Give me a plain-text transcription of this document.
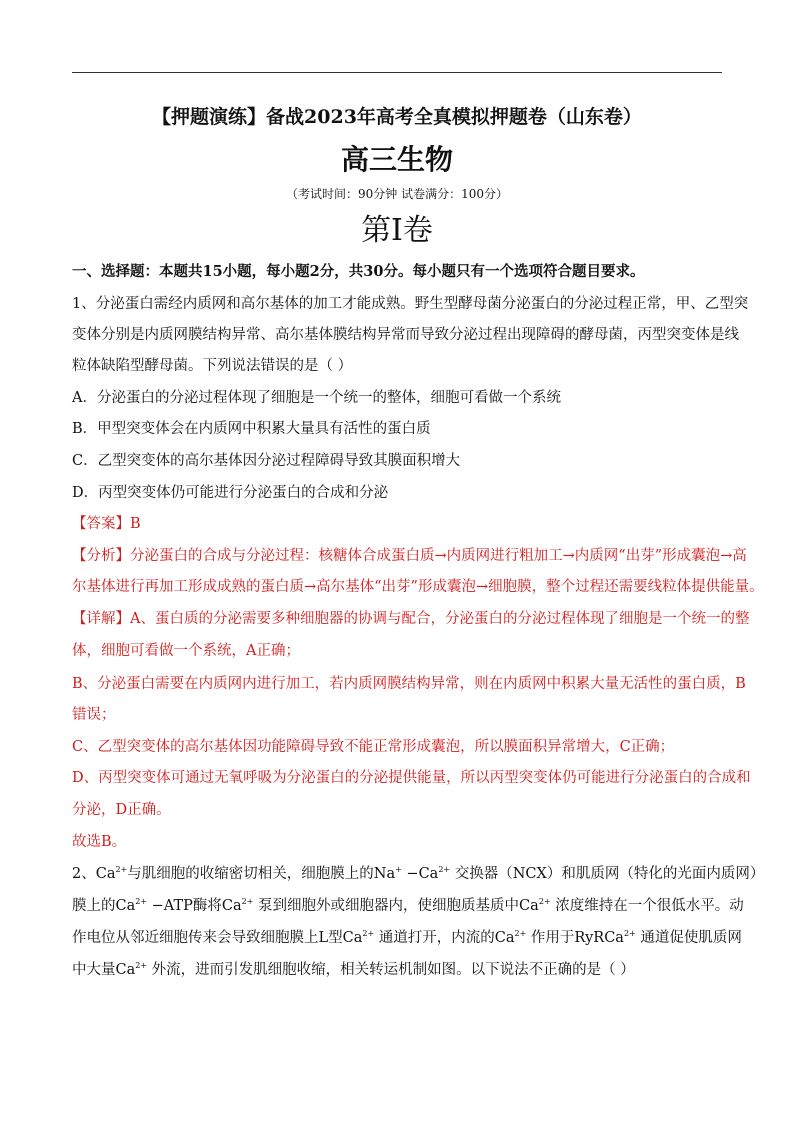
【押题演练】备战2023年高考全真模拟押题卷（山东卷）
高三生物
（考试时间：90分钟 试卷满分：100分）
第I卷
一、选择题：本题共15小题，每小题2分，共30分。每小题只有一个选项符合题目要求。
1、分泌蛋白需经内质网和高尔基体的加工才能成熟。野生型酵母菌分泌蛋白的分泌过程正常，甲、乙型突
变体分别是内质网膜结构异常、高尔基体膜结构异常而导致分泌过程出现障碍的酵母菌，丙型突变体是线
粒体缺陷型酵母菌。下列说法错误的是（ ）
A．分泌蛋白的分泌过程体现了细胞是一个统一的整体，细胞可看做一个系统
B．甲型突变体会在内质网中积累大量具有活性的蛋白质
C．乙型突变体的高尔基体因分泌过程障碍导致其膜面积增大
D．丙型突变体仍可能进行分泌蛋白的合成和分泌
【答案】B
【分析】分泌蛋白的合成与分泌过程：核糖体合成蛋白质→内质网进行粗加工→内质网“出芽”形成囊泡→高
尔基体进行再加工形成成熟的蛋白质→高尔基体“出芽”形成囊泡→细胞膜，整个过程还需要线粒体提供能量。
【详解】A、蛋白质的分泌需要多种细胞器的协调与配合，分泌蛋白的分泌过程体现了细胞是一个统一的整
体，细胞可看做一个系统，A正确；
B、分泌蛋白需要在内质网内进行加工，若内质网膜结构异常，则在内质网中积累大量无活性的蛋白质，B
错误；
C、乙型突变体的高尔基体因功能障碍导致不能正常形成囊泡，所以膜面积异常增大，C正确；
D、丙型突变体可通过无氧呼吸为分泌蛋白的分泌提供能量，所以丙型突变体仍可能进行分泌蛋白的合成和
分泌，D正确。
故选B。
2、$Ca^{2+}$与肌细胞的收缩密切相关，细胞膜上的$Na^+ -Ca^{2+}$ 交换器（NCX）和肌质网（特化的光面内质网）
膜上的$Ca^{2+} -ATP$酶将$Ca^{2+}$ 泵到细胞外或细胞器内，使细胞质基质中$Ca^{2+}$ 浓度维持在一个很低水平。动
作电位从邻近细胞传来会导致细胞膜上L型$Ca^{2+}$ 通道打开，内流的$Ca^{2+}$ 作用于RyRCa$^{2+}$ 通道促使肌质网
中大量$Ca^{2+}$ 外流，进而引发肌细胞收缩，相关转运机制如图。以下说法不正确的是（ ）
